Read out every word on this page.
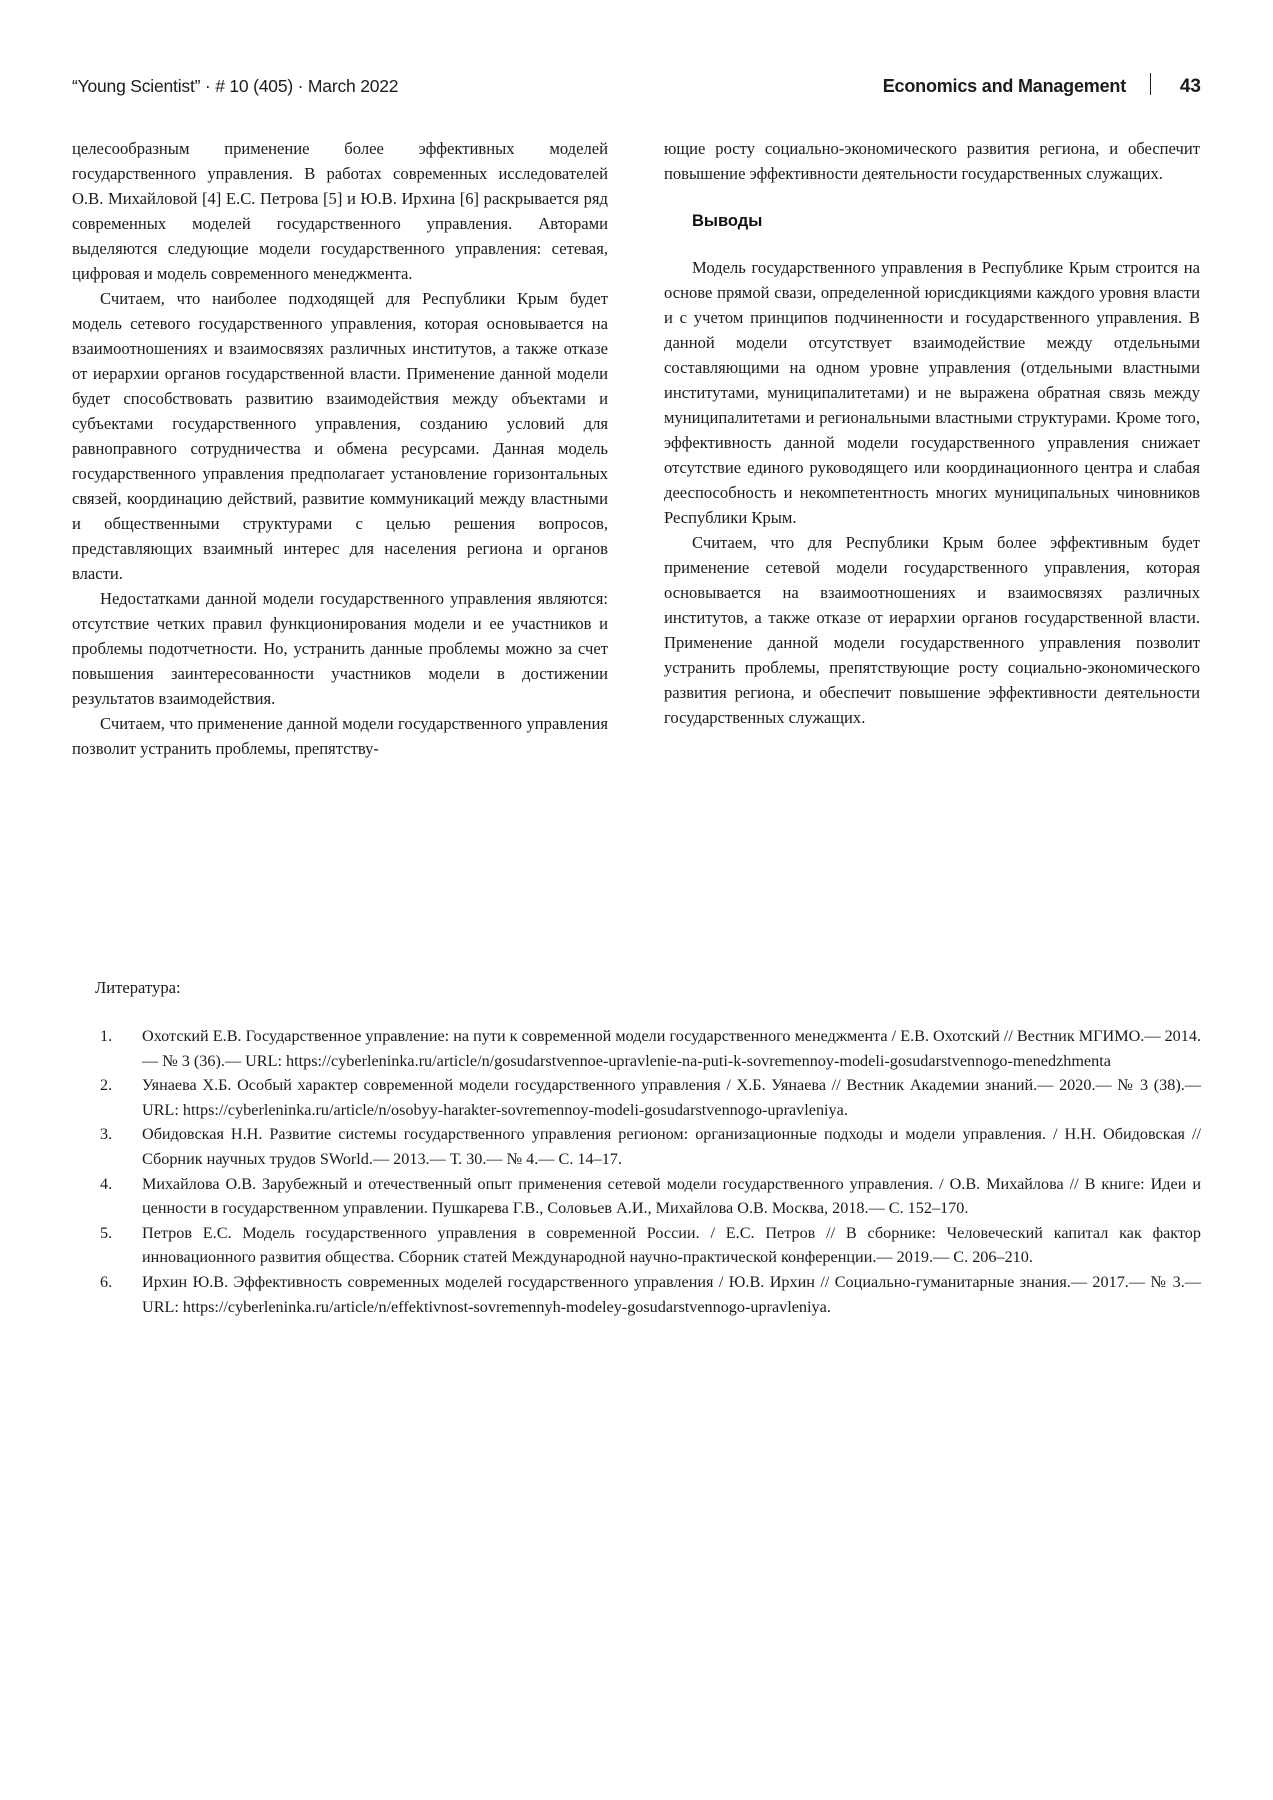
“Young Scientist” · # 10 (405) · March 2022	Economics and Management	43

целесообразным применение более эффективных моделей государственного управления. В работах современных исследователей О.В. Михайловой [4] Е.С. Петрова [5] и Ю.В. Ирхина [6] раскрывается ряд современных моделей государственного управления. Авторами выделяются следующие модели государственного управления: сетевая, цифровая и модель современного менеджмента.

Считаем, что наиболее подходящей для Республики Крым будет модель сетевого государственного управления, которая основывается на взаимоотношениях и взаимосвязях различных институтов, а также отказе от иерархии органов государственной власти. Применение данной модели будет способствовать развитию взаимодействия между объектами и субъектами государственного управления, созданию условий для равноправного сотрудничества и обмена ресурсами. Данная модель государственного управления предполагает установление горизонтальных связей, координацию действий, развитие коммуникаций между властными и общественными структурами с целью решения вопросов, представляющих взаимный интерес для населения региона и органов власти.

Недостатками данной модели государственного управления являются: отсутствие четких правил функционирования модели и ее участников и проблемы подотчетности. Но, устранить данные проблемы можно за счет повышения заинтересованности участников модели в достижении результатов взаимодействия.

Считаем, что применение данной модели государственного управления позволит устранить проблемы, препятству-

ющие росту социально-экономического развития региона, и обеспечит повышение эффективности деятельности государственных служащих.

Выводы

Модель государственного управления в Республике Крым строится на основе прямой свази, определенной юрисдикциями каждого уровня власти и с учетом принципов подчиненности и государственного управления. В данной модели отсутствует взаимодействие между отдельными составляющими на одном уровне управления (отдельными властными институтами, муниципалитетами) и не выражена обратная связь между муниципалитетами и региональными властными структурами. Кроме того, эффективность данной модели государственного управления снижает отсутствие единого руководящего или координационного центра и слабая дееспособность и некомпетентность многих муниципальных чиновников Республики Крым.

Считаем, что для Республики Крым более эффективным будет применение сетевой модели государственного управления, которая основывается на взаимоотношениях и взаимосвязях различных институтов, а также отказе от иерархии органов государственной власти. Применение данной модели государственного управления позволит устранить проблемы, препятствующие росту социально-экономического развития региона, и обеспечит повышение эффективности деятельности государственных служащих.

Литература:

1.	Охотский Е.В. Государственное управление: на пути к современной модели государственного менеджмента / Е.В. Охотский // Вестник МГИМО.— 2014.— № 3 (36).— URL: https://cyberleninka.ru/article/n/gosudarstvennoe-upravlenie-na-puti-k-sovremennoy-modeli-gosudarstvennogo-menedzhmenta
2.	Уянаева Х.Б. Особый характер современной модели государственного управления / Х.Б. Уянаева // Вестник Академии знаний.— 2020.— № 3 (38).— URL: https://cyberleninka.ru/article/n/osobyy-harakter-sovremennoy-modeli-gosudarstvennogo-upravleniya.
3.	Обидовская Н.Н. Развитие системы государственного управления регионом: организационные подходы и модели управления. / Н.Н. Обидовская // Сборник научных трудов SWorld.— 2013.— Т. 30.— № 4.— С. 14–17.
4.	Михайлова О.В. Зарубежный и отечественный опыт применения сетевой модели государственного управления. / О.В. Михайлова // В книге: Идеи и ценности в государственном управлении. Пушкарева Г.В., Соловьев А.И., Михайлова О.В. Москва, 2018.— С. 152–170.
5.	Петров Е.С. Модель государственного управления в современной России. / Е.С. Петров // В сборнике: Человеческий капитал как фактор инновационного развития общества. Сборник статей Международной научно-практической конференции.— 2019.— С. 206–210.
6.	Ирхин Ю.В. Эффективность современных моделей государственного управления / Ю.В. Ирхин // Социально-гуманитарные знания.— 2017.— № 3.— URL: https://cyberleninka.ru/article/n/effektivnost-sovremennyh-modeley-gosudarstvennogo-upravleniya.
